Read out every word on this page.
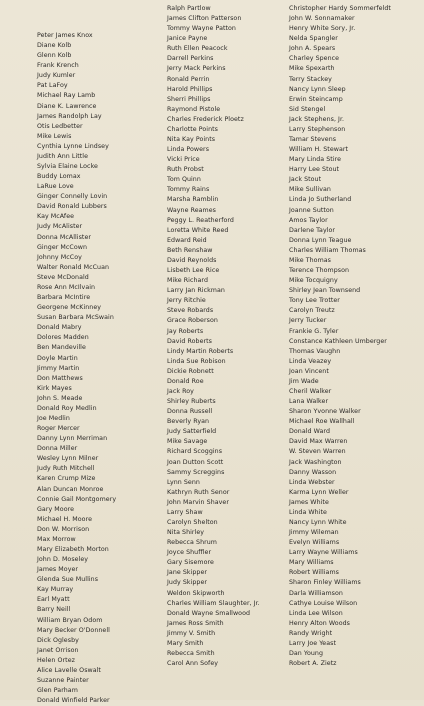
Peter James Knox
Diane Kolb
Glenn Kolb
Frank Krench
Judy Kumler
Pat LaFoy
Michael Ray Lamb
Diane K. Lawrence
James Randolph Lay
Otis Ledbetter
Mike Lewis
Cynthia Lynne Lindsey
Judith Ann Little
Sylvia Elaine Locke
Buddy Lomax
LaRue Love
Ginger Connelly Lovin
David Ronald Lubbers
Kay McAfee
Judy McAlister
Donna McAllister
Ginger McCown
Johnny McCoy
Walter Ronald McCuan
Steve McDonald
Rose Ann McIlvain
Barbara McIntire
Georgene McKinney
Susan Barbara McSwain
Donald Mabry
Dolores Madden
Ben Mandeville
Doyle Martin
Jimmy Martin
Don Matthews
Kirk Mayes
John S. Meade
Donald Roy Medlin
Joe Medlin
Roger Mercer
Danny Lynn Merriman
Donna Miller
Wesley Lynn Milner
Judy Ruth Mitchell
Karen Crump Mize
Alan Duncan Monroe
Connie Gail Montgomery
Gary Moore
Michael H. Moore
Don W. Morrison
Max Morrow
Mary Elizabeth Morton
John D. Moseley
James Moyer
Glenda Sue Mullins
Kay Murray
Earl Myatt
Barry Neill
William Bryan Odom
Mary Becker O'Donnell
Dick Oglesby
Janet Orrison
Helen Ortez
Alice Lavelle Oswalt
Suzanne Painter
Glen Parham
Donald Winfield Parker
Ralph Partlow
James Clifton Patterson
Tommy Wayne Patton
Janice Payne
Ruth Ellen Peacock
Darrell Perkins
Jerry Mack Perkins
Ronald Perrin
Harold Phillips
Sherri Phillips
Raymond Pistole
Charles Frederick Ploetz
Charlotte Points
Nita Kay Points
Linda Powers
Vicki Price
Ruth Probst
Tom Quinn
Tommy Rains
Marsha Ramblin
Wayne Reames
Peggy L. Reatherford
Loretta White Reed
Edward Reid
Beth Renshaw
David Reynolds
Lisbeth Lee Rice
Mike Richard
Larry Jan Rickman
Jerry Ritchie
Steve Robards
Grace Roberson
Jay Roberts
David Roberts
Lindy Martin Roberts
Linda Sue Robison
Dickie Robnett
Donald Roe
Jack Roy
Shirley Ruberts
Donna Russell
Beverly Ryan
Judy Satterfield
Mike Savage
Richard Scoggins
Joan Dutton Scott
Sammy Screggins
Lynn Senn
Kathryn Ruth Senor
John Marvin Shaver
Larry Shaw
Carolyn Shelton
Nita Shirley
Rebecca Shrum
Joyce Shuffler
Gary Sisemore
Jane Skipper
Judy Skipper
Weldon Skipworth
Charles William Slaughter, Jr.
Donald Wayne Smallwood
James Ross Smith
Jimmy V. Smith
Mary Smith
Rebecca Smith
Carol Ann Sofey
Christopher Hardy Sommerfeldt
John W. Sonnamaker
Henry White Sory, Jr.
Nelda Spangler
John A. Spears
Charley Spence
Mike Spexarth
Terry Stackey
Nancy Lynn Sleep
Erwin Steincamp
Sid Stengel
Jack Stephens, Jr.
Larry Stephenson
Tamar Stevens
William H. Stewart
Mary Linda Stire
Harry Lee Stout
Jack Stout
Mike Sullivan
Linda Jo Sutherland
Joanne Sutton
Amos Taylor
Darlene Taylor
Donna Lynn Teague
Charles William Thomas
Mike Thomas
Terence Thompson
Mike Tocquigny
Shirley Jean Townsend
Tony Lee Trotter
Carolyn Treutz
Jerry Tucker
Frankie G. Tyler
Constance Kathleen Umberger
Thomas Vaughn
Linda Veazey
Joan Vincent
Jim Wade
Cheril Walker
Lana Walker
Sharon Yvonne Walker
Michael Roe Wallhall
Donald Ward
David Max Warren
W. Steven Warren
Jack Washington
Danny Wasson
Linda Webster
Karma Lynn Weller
James White
Linda White
Nancy Lynn White
Jimmy Wileman
Evelyn Williams
Larry Wayne Williams
Mary Williams
Robert Williams
Sharon Finley Williams
Darla Williamson
Cathye Louise Wilson
Linda Lee Wilson
Henry Alton Woods
Randy Wright
Larry Joe Yeast
Dan Young
Robert A. Zietz
